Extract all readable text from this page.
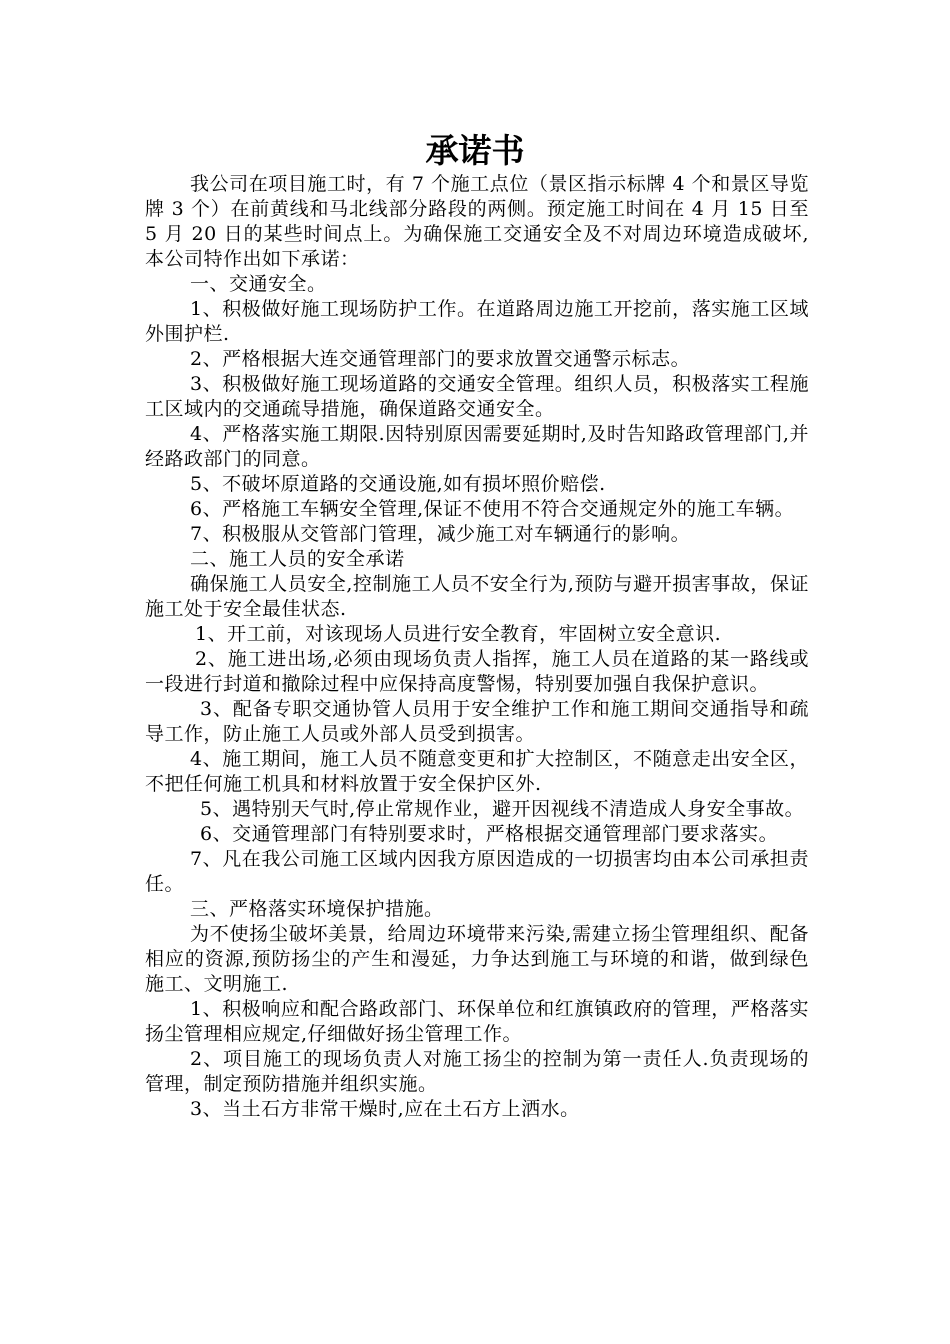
承诺书

我公司在项目施工时，有 7 个施工点位（景区指示标牌 4 个和景区导览牌 3 个）在前黄线和马北线部分路段的两侧。预定施工时间在 4 月 15 日至 5 月 20 日的某些时间点上。为确保施工交通安全及不对周边环境造成破坏,本公司特作出如下承诺：

一、交通安全。

1、积极做好施工现场防护工作。在道路周边施工开挖前，落实施工区域外围护栏.

2、严格根据大连交通管理部门的要求放置交通警示标志。

3、积极做好施工现场道路的交通安全管理。组织人员，积极落实工程施工区域内的交通疏导措施，确保道路交通安全。

4、严格落实施工期限.因特别原因需要延期时,及时告知路政管理部门,并经路政部门的同意。

5、不破坏原道路的交通设施,如有损坏照价赔偿.

6、严格施工车辆安全管理,保证不使用不符合交通规定外的施工车辆。

7、积极服从交管部门管理，减少施工对车辆通行的影响。

二、施工人员的安全承诺

确保施工人员安全,控制施工人员不安全行为,预防与避开损害事故，保证施工处于安全最佳状态.

1、开工前，对该现场人员进行安全教育，牢固树立安全意识.

2、施工进出场,必须由现场负责人指挥，施工人员在道路的某一路线或一段进行封道和撤除过程中应保持高度警惕，特别要加强自我保护意识。

3、配备专职交通协管人员用于安全维护工作和施工期间交通指导和疏导工作，防止施工人员或外部人员受到损害。

4、施工期间，施工人员不随意变更和扩大控制区，不随意走出安全区，不把任何施工机具和材料放置于安全保护区外.

5、遇特别天气时,停止常规作业，避开因视线不清造成人身安全事故。

6、交通管理部门有特别要求时，严格根据交通管理部门要求落实。

7、凡在我公司施工区域内因我方原因造成的一切损害均由本公司承担责任。

三、严格落实环境保护措施。

为不使扬尘破坏美景，给周边环境带来污染,需建立扬尘管理组织、配备相应的资源,预防扬尘的产生和漫延，力争达到施工与环境的和谐，做到绿色施工、文明施工.

1、积极响应和配合路政部门、环保单位和红旗镇政府的管理，严格落实扬尘管理相应规定,仔细做好扬尘管理工作。

2、项目施工的现场负责人对施工扬尘的控制为第一责任人.负责现场的管理，制定预防措施并组织实施。

3、当土石方非常干燥时,应在土石方上洒水。
